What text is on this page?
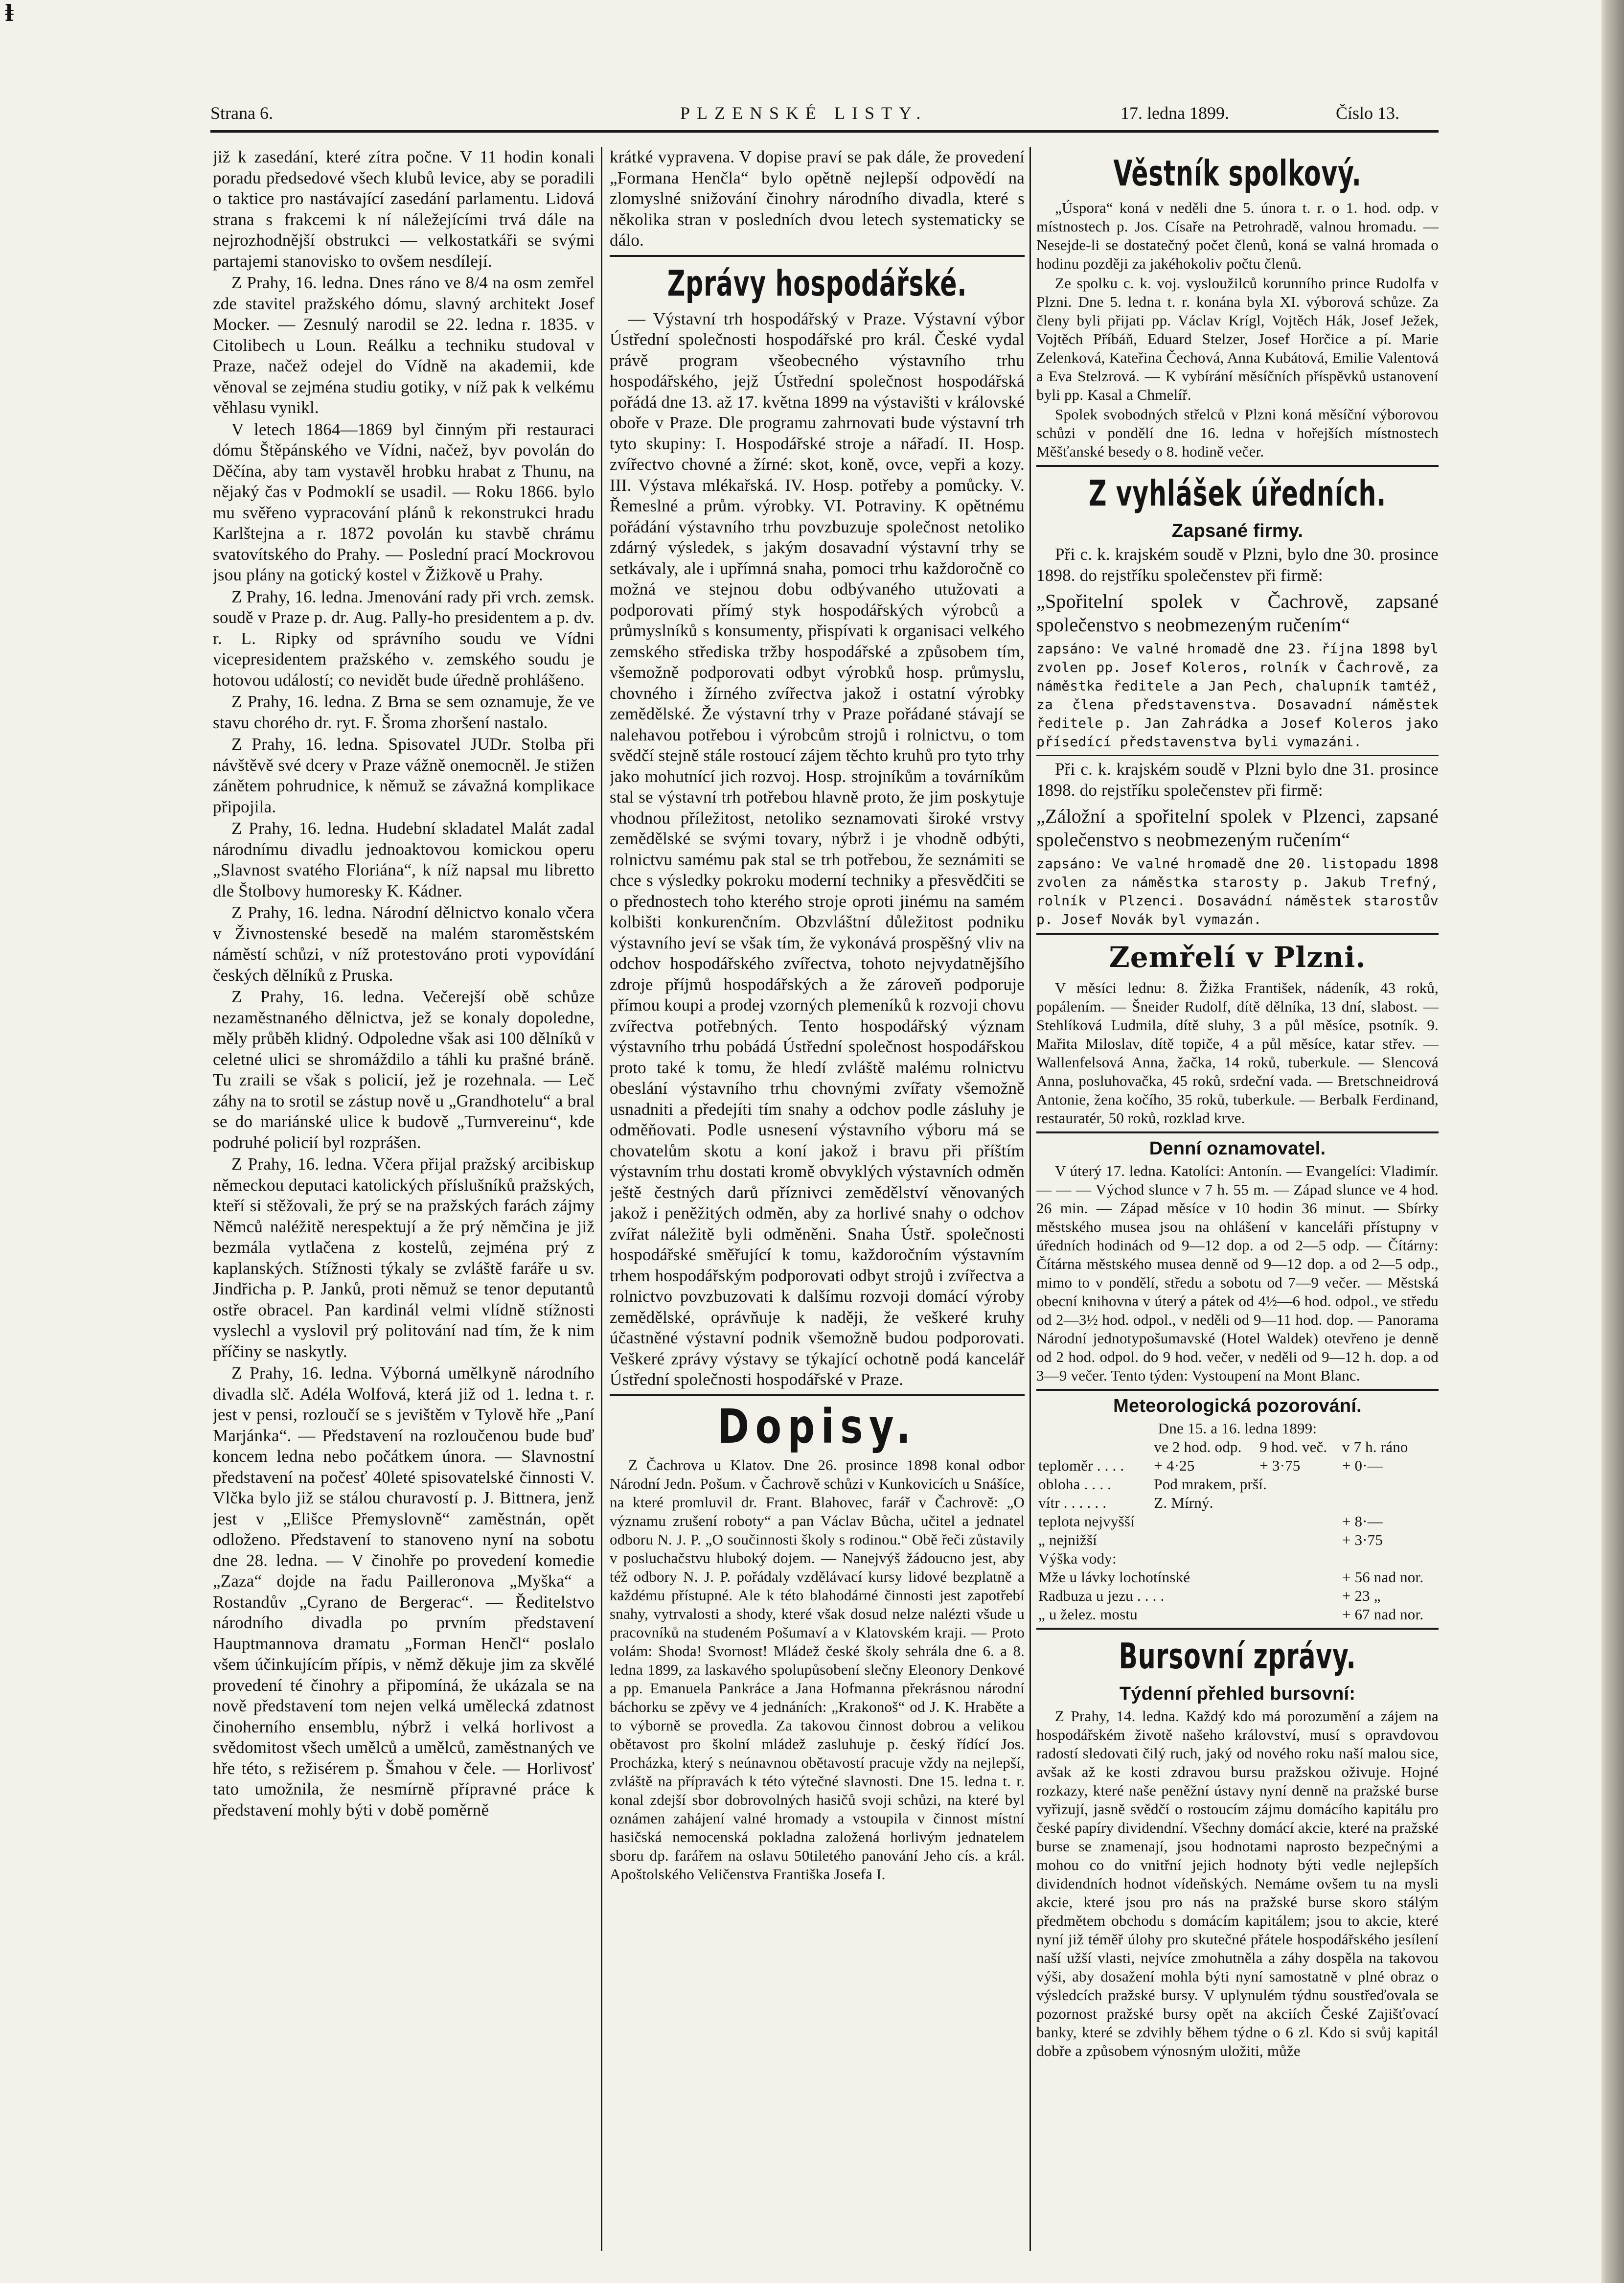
ⱡ
Strana 6.	PLZENSKÉ LISTY.	17. ledna 1899.	Číslo 13.

již k zasedání, které zítra počne. V 11 hodin konali poradu předsedové všech klubů levice, aby se poradili o taktice pro nastávající zasedání parlamentu. Lidová strana s frakcemi k ní náležejícími trvá dále na nejrozhodnější obstrukci — velkostatkáři se svými partajemi stanovisko to ovšem nesdílejí.

Z Prahy, 16. ledna. Dnes ráno ve 8/4 na osm zemřel zde stavitel pražského dómu, slavný architekt Josef Mocker. — Zesnulý narodil se 22. ledna r. 1835. v Citolibech u Loun. Reálku a techniku studoval v Praze, načež odejel do Vídně na akademii, kde věnoval se zejména studiu gotiky, v níž pak k velkému věhlasu vynikl.

V letech 1864—1869 byl činným při restauraci dómu Štěpánského ve Vídni, načež, byv povolán do Děčína, aby tam vystavěl hrobku hrabat z Thunu, na nějaký čas v Podmoklí se usadil. — Roku 1866. bylo mu svěřeno vypracování plánů k rekonstrukci hradu Karlštejna a r. 1872 povolán ku stavbě chrámu svatovítského do Prahy. — Poslední prací Mockrovou jsou plány na gotický kostel v Žižkově u Prahy.

Z Prahy, 16. ledna. Jmenování rady při vrch. zemsk. soudě v Praze p. dr. Aug. Pally-ho presidentem a p. dv. r. L. Ripky od správního soudu ve Vídni vicepresidentem pražského v. zemského soudu je hotovou událostí; co nevidět bude úředně prohlášeno.

Z Prahy, 16. ledna. Z Brna se sem oznamuje, že ve stavu chorého dr. ryt. F. Šroma zhoršení nastalo.

Z Prahy, 16. ledna. Spisovatel JUDr. Stolba při návštěvě své dcery v Praze vážně onemocněl. Je stižen zánětem pohrudnice, k němuž se závažná komplikace připojila.

Z Prahy, 16. ledna. Hudební skladatel Malát zadal národnímu divadlu jednoaktovou komickou operu „Slavnost svatého Floriána“, k níž napsal mu libretto dle Štolbovy humoresky K. Kádner.

Z Prahy, 16. ledna. Národní dělnictvo konalo včera v Živnostenské besedě na malém staroměstském náměstí schůzi, v níž protestováno proti vypovídání českých dělníků z Pruska.

Z Prahy, 16. ledna. Večerejší obě schůze nezaměstnaného dělnictva, jež se konaly dopoledne, měly průběh klidný. Odpoledne však asi 100 dělníků v celetné ulici se shromáždilo a táhli ku prašné bráně. Tu zraili se však s policií, jež je rozehnala. — Leč záhy na to srotil se zástup nově u „Grandhotelu“ a bral se do mariánské ulice k budově „Turnvereinu“, kde podruhé policií byl rozprášen.

Z Prahy, 16. ledna. Včera přijal pražský arcibiskup německou deputaci katolických příslušníků pražských, kteří si stěžovali, že prý se na pražských farách zájmy Němců naléžitě nerespektují a že prý němčina je již bezmála vytlačena z kostelů, zejména prý z kaplanských. Stížnosti týkaly se zvláště faráře u sv. Jindřicha p. P. Janků, proti němuž se tenor deputantů ostře obracel. Pan kardinál velmi vlídně stížnosti vyslechl a vyslovil prý politování nad tím, že k nim příčiny se naskytly.

Z Prahy, 16. ledna. Výborná umělkyně národního divadla slč. Adéla Wolfová, která již od 1. ledna t. r. jest v pensi, rozloučí se s jevištěm v Tylově hře „Paní Marjánka“. — Představení na rozloučenou bude buď koncem ledna nebo počátkem února. — Slavnostní představení na počesť 40leté spisovatelské činnosti V. Vlčka bylo již se stálou churavostí p. J. Bittnera, jenž jest v „Elišce Přemyslovně“ zaměstnán, opět odloženo. Představení to stanoveno nyní na sobotu dne 28. ledna. — V činohře po provedení komedie „Zaza“ dojde na řadu Pailleronova „Myška“ a Rostandův „Cyrano de Bergerac“. — Ředitelstvo národního divadla po prvním představení Hauptmannova dramatu „Forman Henčl“ poslalo všem účinkujícím přípis, v němž děkuje jim za skvělé provedení té činohry a připomíná, že ukázala se na nově představení tom nejen velká umělecká zdatnost činoherního ensemblu, nýbrž i velká horlivost a svědomitost všech umělců a umělců, zaměstnaných ve hře této, s režisérem p. Šmahou v čele. — Horlivosť tato umožnila, že nesmírně přípravné práce k představení mohly býti v době poměrně

krátké vypravena. V dopise praví se pak dále, že provedení „Formana Henčla“ bylo opětně nejlepší odpovědí na zlomyslné snižování činohry národního divadla, které s několika stran v posledních dvou letech systematicky se dálo.

Zprávy hospodářské.

— Výstavní trh hospodářský v Praze. Výstavní výbor Ústřední společnosti hospodářské pro král. České vydal právě program všeobecného výstavního trhu hospodářského, jejž Ústřední společnost hospodářská pořádá dne 13. až 17. května 1899 na výstavišti v královské oboře v Praze. Dle programu zahrnovati bude výstavní trh tyto skupiny: I. Hospodářské stroje a nářadí. II. Hosp. zvířectvo chovné a žírné: skot, koně, ovce, vepři a kozy. III. Výstava mlékařská. IV. Hosp. potřeby a pomůcky. V. Řemeslné a prům. výrobky. VI. Potraviny. K opětnému pořádání výstavního trhu povzbuzuje společnost netoliko zdárný výsledek, s jakým dosavadní výstavní trhy se setkávaly, ale i upřímná snaha, pomoci trhu každoročně co možná ve stejnou dobu odbývaného utužovati a podporovati přímý styk hospodářských výrobců a průmyslníků s konsumenty, přispívati k organisaci velkého zemského střediska tržby hospodářské a způsobem tím, všemožně podporovati odbyt výrobků hosp. průmyslu, chovného i žírného zvířectva jakož i ostatní výrobky zemědělské. Že výstavní trhy v Praze pořádané stávají se nalehavou potřebou i výrobcům strojů i rolnictvu, o tom svědčí stejně stále rostoucí zájem těchto kruhů pro tyto trhy jako mohutnící jich rozvoj. Hosp. strojníkům a továrníkům stal se výstavní trh potřebou hlavně proto, že jim poskytuje vhodnou příležitost, netoliko seznamovati široké vrstvy zemědělské se svými tovary, nýbrž i je vhodně odbýti, rolnictvu samému pak stal se trh potřebou, že seznámiti se chce s výsledky pokroku moderní techniky a přesvědčiti se o přednostech toho kterého stroje oproti jinému na samém kolbišti konkurenčním. Obzvláštní důležitost podniku výstavního jeví se však tím, že vykonává prospěšný vliv na odchov hospodářského zvířectva, tohoto nejvydatnějšího zdroje příjmů hospodářských a že zároveň podporuje přímou koupi a prodej vzorných plemeníků k rozvoji chovu zvířectva potřebných. Tento hospodářský význam výstavního trhu pobádá Ústřední společnost hospodářskou proto také k tomu, že hledí zvláště malému rolnictvu obeslání výstavního trhu chovnými zvířaty všemožně usnadniti a předejíti tím snahy a odchov podle zásluhy je odměňovati. Podle usnesení výstavního výboru má se chovatelům skotu a koní jakož i bravu při příštím výstavním trhu dostati kromě obvyklých výstavních odměn ještě čestných darů příznivci zemědělství věnovaných jakož i peněžitých odměn, aby za horlivé snahy o odchov zvířat náležitě byli odměněni. Snaha Ústř. společnosti hospodářské směřující k tomu, každoročním výstavním trhem hospodářským podporovati odbyt strojů i zvířectva a rolnictvo povzbuzovati k dalšímu rozvoji domácí výroby zemědělské, oprávňuje k naději, že veškeré kruhy účastněné výstavní podnik všemožně budou podporovati. Veškeré zprávy výstavy se týkající ochotně podá kancelář Ústřední společnosti hospodářské v Praze.

Dopisy.

Z Čachrova u Klatov. Dne 26. prosince 1898 konal odbor Národní Jedn. Pošum. v Čachrově schůzi v Kunkovicích u Snášíce, na které promluvil dr. Frant. Blahovec, farář v Čachrově: „O významu zrušení roboty“ a pan Václav Bůcha, učitel a jednatel odboru N. J. P. „O součinnosti školy s rodinou.“ Obě řeči zůstavily v posluchačstvu hluboký dojem. — Nanejvýš žádoucno jest, aby též odbory N. J. P. pořádaly vzdělávací kursy lidové bezplatně a každému přístupné. Ale k této blahodárné činnosti jest zapotřebí snahy, vytrvalosti a shody, které však dosud nelze nalézti všude u pracovníků na studeném Pošumaví a v Klatovském kraji. — Proto volám: Shoda! Svornost! Mládež české školy sehrála dne 6. a 8. ledna 1899, za laskavého spolupůsobení slečny Eleonory Denkové a pp. Emanuela Pankráce a Jana Hofmanna překrásnou národní báchorku se zpěvy ve 4 jednáních: „Krakonoš“ od J. K. Hraběte a to výborně se provedla. Za takovou činnost dobrou a velikou obětavost pro školní mládež zasluhuje p. český řídící Jos. Procházka, který s neúnavnou obětavostí pracuje vždy na nejlepší, zvláště na přípravách k této výtečné slavnosti. Dne 15. ledna t. r. konal zdejší sbor dobrovolných hasičů svoji schůzi, na které byl oznámen zahájení valné hromady a vstoupila v činnost místní hasičská nemocenská pokladna založená horlivým jednatelem sboru dp. farářem na oslavu 50tiletého panování Jeho cís. a král. Apoštolského Veličenstva Františka Josefa I.

Věstník spolkový.

„Úspora“ koná v neděli dne 5. února t. r. o 1. hod. odp. v místnostech p. Jos. Císaře na Petrohradě, valnou hromadu. — Nesejde-li se dostatečný počet členů, koná se valná hromada o hodinu později za jakéhokoliv počtu členů.

Ze spolku c. k. voj. vysloužilců korunního prince Rudolfa v Plzni. Dne 5. ledna t. r. konána byla XI. výborová schůze. Za členy byli přijati pp. Václav Krígl, Vojtěch Hák, Josef Ježek, Vojtěch Příbáň, Eduard Stelzer, Josef Horčice a pí. Marie Zelenková, Kateřina Čechová, Anna Kubátová, Emilie Valentová a Eva Stelzrová. — K vybírání měsíčních příspěvků ustanovení byli pp. Kasal a Chmelíř.

Spolek svobodných střelců v Plzni koná měsíční výborovou schůzi v pondělí dne 16. ledna v hořejších místnostech Měšťanské besedy o 8. hodině večer.

Z vyhlášek úředních.
Zapsané firmy.

Při c. k. krajském soudě v Plzni, bylo dne 30. prosince 1898. do rejstříku společenstev při firmě:

„Spořitelní spolek v Čachrově, zapsané společenstvo s neobmezeným ručením“
zapsáno: Ve valné hromadě dne 23. října 1898 byl zvolen pp. Josef Koleros, rolník v Čachrově, za náměstka ředitele a Jan Pech, chalupník tamtéž, za člena představenstva. Dosavadní náměstek ředitele p. Jan Zahrádka a Josef Koleros jako přísedící představenstva byli vymazáni.

Při c. k. krajském soudě v Plzni bylo dne 31. prosince 1898. do rejstříku společenstev při firmě:

„Záložní a spořitelní spolek v Plzenci, zapsané společenstvo s neobmezeným ručením“
zapsáno: Ve valné hromadě dne 20. listopadu 1898 zvolen za náměstka starosty p. Jakub Trefný, rolník v Plzenci. Dosavádní náměstek starostův p. Josef Novák byl vymazán.
Zemřelí v Plzni.

V měsíci lednu: 8. Žižka František, nádeník, 43 roků, popálením. — Šneider Rudolf, dítě dělníka, 13 dní, slabost. — Stehlíková Ludmila, dítě sluhy, 3 a půl měsíce, psotník. 9. Mařita Miloslav, dítě topiče, 4 a půl měsíce, katar střev. — Wallenfelsová Anna, žačka, 14 roků, tuberkule. — Slencová Anna, posluhovačka, 45 roků, srdeční vada. — Bretschneidrová Antonie, žena kočího, 35 roků, tuberkule. — Berbalk Ferdinand, restauratér, 50 roků, rozklad krve.

Denní oznamovatel.

V úterý 17. ledna. Katolíci: Antonín. — Evangelíci: Vladimír. — — — Východ slunce v 7 h. 55 m. — Západ slunce ve 4 hod. 26 min. — Západ měsíce v 10 hodin 36 minut. — Sbírky městského musea jsou na ohlášení v kanceláři přístupny v úředních hodinách od 9—12 dop. a od 2—5 odp. — Čítárny: Čítárna městského musea denně od 9—12 dop. a od 2—5 odp., mimo to v pondělí, středu a sobotu od 7—9 večer. — Městská obecní knihovna v úterý a pátek od 4½—6 hod. odpol., ve středu od 2—3½ hod. odpol., v neděli od 9—11 hod. dop. — Panorama Národní jednotypošumavské (Hotel Waldek) otevřeno je denně od 2 hod. odpol. do 9 hod. večer, v neděli od 9—12 h. dop. a od 3—9 večer. Tento týden: Vystoupení na Mont Blanc.

Meteorologická pozorování.
Dne 15. a 16. ledna 1899:
	ve 2 hod. odp.	9 hod. več.	v 7 h. ráno
teploměr . . . .	+ 4·25	+ 3·75	+ 0·—
obloha . . . .	Pod mrakem, prší.		
vítr . . . . . .	Z. Mírný.		
teplota nejvyšší			+ 8·—
„ nejnižší			+ 3·75
Výška vody:			
Mže u lávky lochotínské			+ 56 nad nor.
Radbuza u jezu . . . .			+ 23 „
„ u želez. mostu			+ 67 nad nor.
Bursovní zprávy.
Týdenní přehled bursovní:

Z Prahy, 14. ledna. Každý kdo má porozumění a zájem na hospodářském životě našeho království, musí s opravdovou radostí sledovati čilý ruch, jaký od nového roku naší malou sice, avšak až ke kosti zdravou bursu pražskou oživuje. Hojné rozkazy, které naše peněžní ústavy nyní denně na pražské burse vyřizují, jasně svědčí o rostoucím zájmu domácího kapitálu pro české papíry dividendní. Všechny domácí akcie, které na pražské burse se znamenají, jsou hodnotami naprosto bezpečnými a mohou co do vnitřní jejich hodnoty býti vedle nejlepších dividendních hodnot vídeňských. Nemáme ovšem tu na mysli akcie, které jsou pro nás na pražské burse skoro stálým předmětem obchodu s domácím kapitálem; jsou to akcie, které nyní již téměř úlohy pro skutečné přátele hospodářského jesílení naší užší vlasti, nejvíce zmohutněla a záhy dospěla na takovou výši, aby dosažení mohla býti nyní samostatně v plné obraz o výsledcích pražské bursy. V uplynulém týdnu soustřeďovala se pozornost pražské bursy opět na akciích České Zajišťovací banky, které se zdvihly během týdne o 6 zl. Kdo si svůj kapitál dobře a způsobem výnosným uložiti, může
